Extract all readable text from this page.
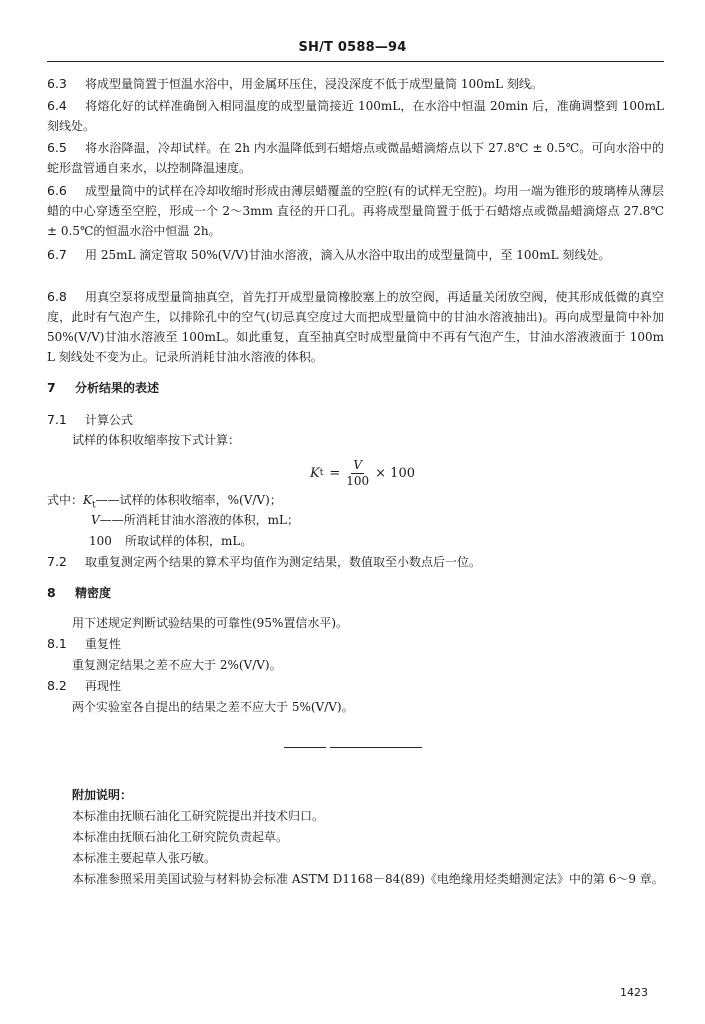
SH/T 0588—94

6.3 将成型量筒置于恒温水浴中，用金属环压住，浸没深度不低于成型量筒 100mL 刻线。

6.4 将熔化好的试样准确倒入相同温度的成型量筒接近 100mL，在水浴中恒温 20min 后，准确调整到 100mL 刻线处。

6.5 将水浴降温，冷却试样。在 2h 内水温降低到石蜡熔点或微晶蜡滴熔点以下 27.8℃ ± 0.5℃。可向水浴中的蛇形盘管通自来水，以控制降温速度。

6.6 成型量筒中的试样在冷却收缩时形成由薄层蜡覆盖的空腔(有的试样无空腔)。均用一端为锥形的玻璃棒从薄层蜡的中心穿透至空腔，形成一个 2～3mm 直径的开口孔。再将成型量筒置于低于石蜡熔点或微晶蜡滴熔点 27.8℃ ± 0.5℃的恒温水浴中恒温 2h。

6.7 用 25mL 滴定管取 50%(V/V)甘油水溶液，滴入从水浴中取出的成型量筒中，至 100mL 刻线处。

6.8 用真空泵将成型量筒抽真空，首先打开成型量筒橡胶塞上的放空阀，再适量关闭放空阀，使其形成低微的真空度，此时有气泡产生，以排除孔中的空气(切忌真空度过大而把成型量筒中的甘油水溶液抽出)。再向成型量筒中补加 50%(V/V)甘油水溶液至 100mL。如此重复，直至抽真空时成型量筒中不再有气泡产生，甘油水溶液液面于 100mL 刻线处不变为止。记录所消耗甘油水溶液的体积。

7 分析结果的表述

7.1 计算公式

试样的体积收缩率按下式计算：

K $t = \frac{V}{100} \times 100$

式中：$K_t——$试样的体积收缩率，%(V/V)；

V——所消耗甘油水溶液的体积，mL；

100 所取试样的体积，mL。

7.2 取重复测定两个结果的算术平均值作为测定结果，数值取至小数点后一位。

8 精密度

用下述规定判断试验结果的可靠性(95%置信水平)。

8.1 重复性

重复测定结果之差不应大于 2%(V/V)。

8.2 再现性

两个实验室各自提出的结果之差不应大于 5%(V/V)。

附加说明：

本标准由抚顺石油化工研究院提出并技术归口。

本标准由抚顺石油化工研究院负责起草。

本标准主要起草人张巧敏。

本标准参照采用美国试验与材料协会标准 ASTM D1168－84(89)《电绝缘用烃类蜡测定法》中的第 6～9 章。

1423
